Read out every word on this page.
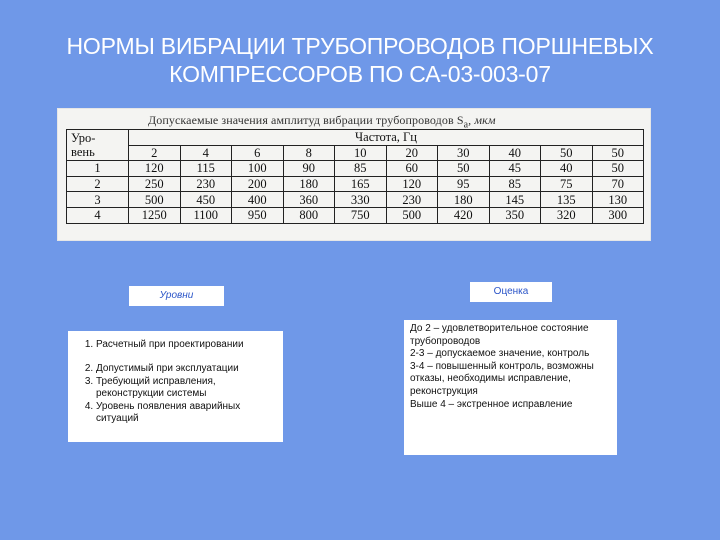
НОРМЫ ВИБРАЦИИ ТРУБОПРОВОДОВ ПОРШНЕВЫХ
КОМПРЕССОРОВ ПО СА-03-003-07
Допускаемые значения амплитуд вибрации трубопроводов $S_a$, мкм
Уро-
вень	Частота, Гц									
	2	4	6	8	10	20	30	40	50	50
1	120	115	100	90	85	60	50	45	40	50
2	250	230	200	180	165	120	95	85	75	70
3	500	450	400	360	330	230	180	145	135	130
4	1250	1100	950	800	750	500	420	350	320	300
Уровни	Оценка
1. Расчетный при проектировании
2. Допустимый при эксплуатации
3. Требующий исправления, реконструкции системы
4. Уровень появления аварийных ситуаций
До 2 – удовлетворительное состояние трубопроводов
2-3 – допускаемое значение, контроль
3-4 – повышенный контроль, возможны отказы, необходимы исправление, реконструкция
Выше 4 – экстренное исправление
